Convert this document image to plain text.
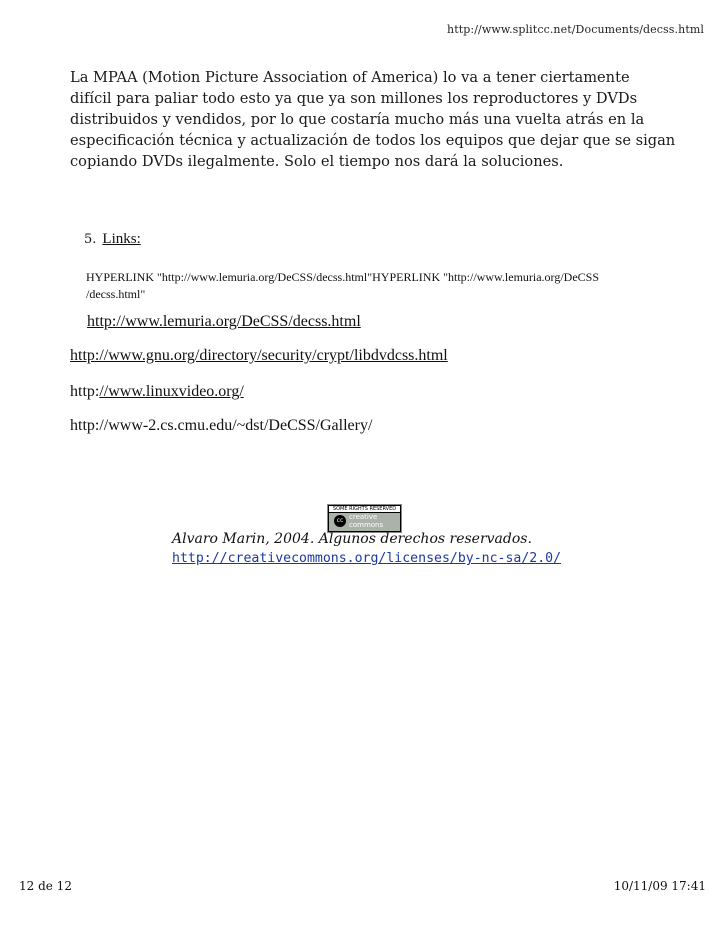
http://www.splitcc.net/Documents/decss.html
La MPAA (Motion Picture Association of America) lo va a tener ciertamente
difícil para paliar todo esto ya que ya son millones los reproductores y DVDs
distribuidos y vendidos, por lo que costaría mucho más una vuelta atrás en la
especificación técnica y actualización de todos los equipos que dejar que se sigan
copiando DVDs ilegalmente. Solo el tiempo nos dará la soluciones.
5. Links:
HYPERLINK "http://www.lemuria.org/DeCSS/decss.html"HYPERLINK "http://www.lemuria.org/DeCSS
/decss.html"
http://www.lemuria.org/DeCSS/decss.html
http://www.gnu.org/directory/security/crypt/libdvdcss.html
http://www.linuxvideo.org/
http://www-2.cs.cmu.edu/~dst/DeCSS/Gallery/
SOME RIGHTS RESERVED
cc creative
commons
Alvaro Marin, 2004. Algunos derechos reservados.
http://creativecommons.org/licenses/by-nc-sa/2.0/
12 de 12	10/11/09 17:41
